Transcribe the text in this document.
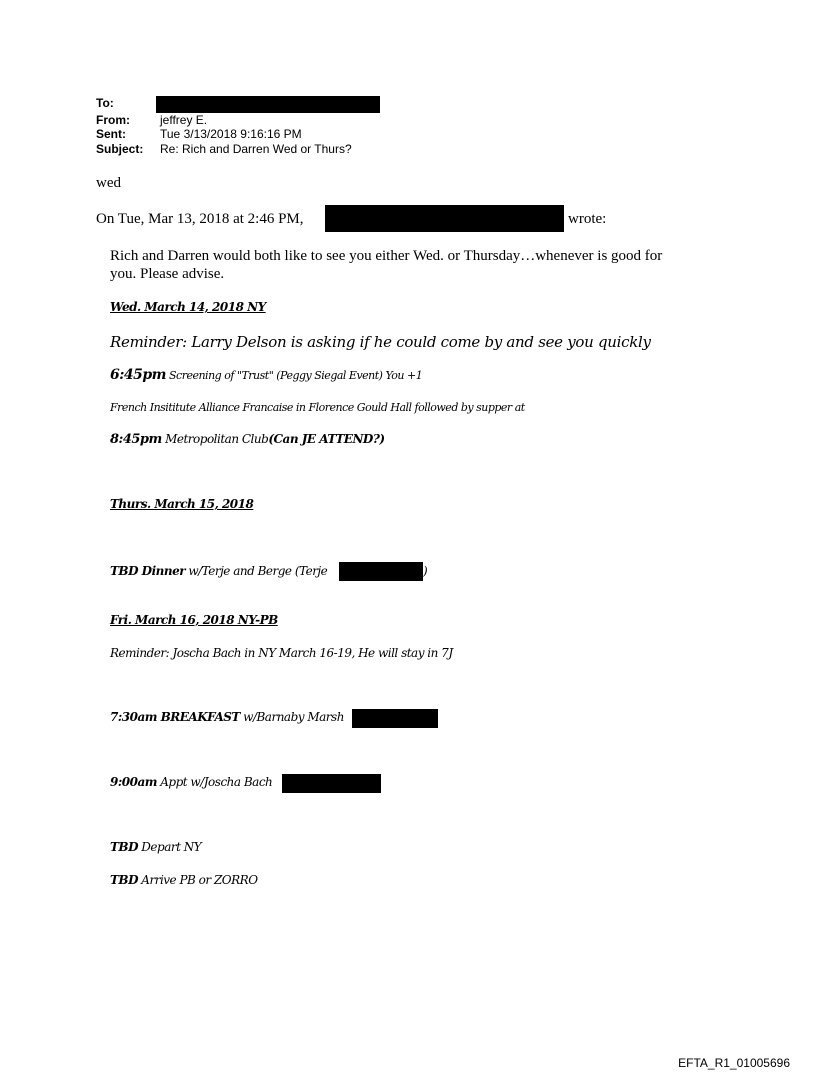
To:
From:	jeffrey E.
Sent:	Tue 3/13/2018 9:16:16 PM
Subject: Re: Rich and Darren Wed or Thurs?
wed
On Tue, Mar 13, 2018 at 2:46 PM,	wrote:
Rich and Darren would both like to see you either Wed. or Thursday…whenever is good for
you. Please advise.
Wed. March 14, 2018 NY
Reminder: Larry Delson is asking if he could come by and see you quickly
6:45pm Screening of "Trust" (Peggy Siegal Event) You +1
French Insititute Alliance Francaise in Florence Gould Hall followed by supper at
8:45pm Metropolitan Club(Can JE ATTEND?)
Thurs. March 15, 2018
TBD Dinner w/Terje and Berge (Terje	)
Fri. March 16, 2018 NY-PB
Reminder: Joscha Bach in NY March 16-19, He will stay in 7J
7:30am BREAKFAST w/Barnaby Marsh
9:00am Appt w/Joscha Bach
TBD Depart NY
TBD Arrive PB or ZORRO
EFTA_R1_01005696
